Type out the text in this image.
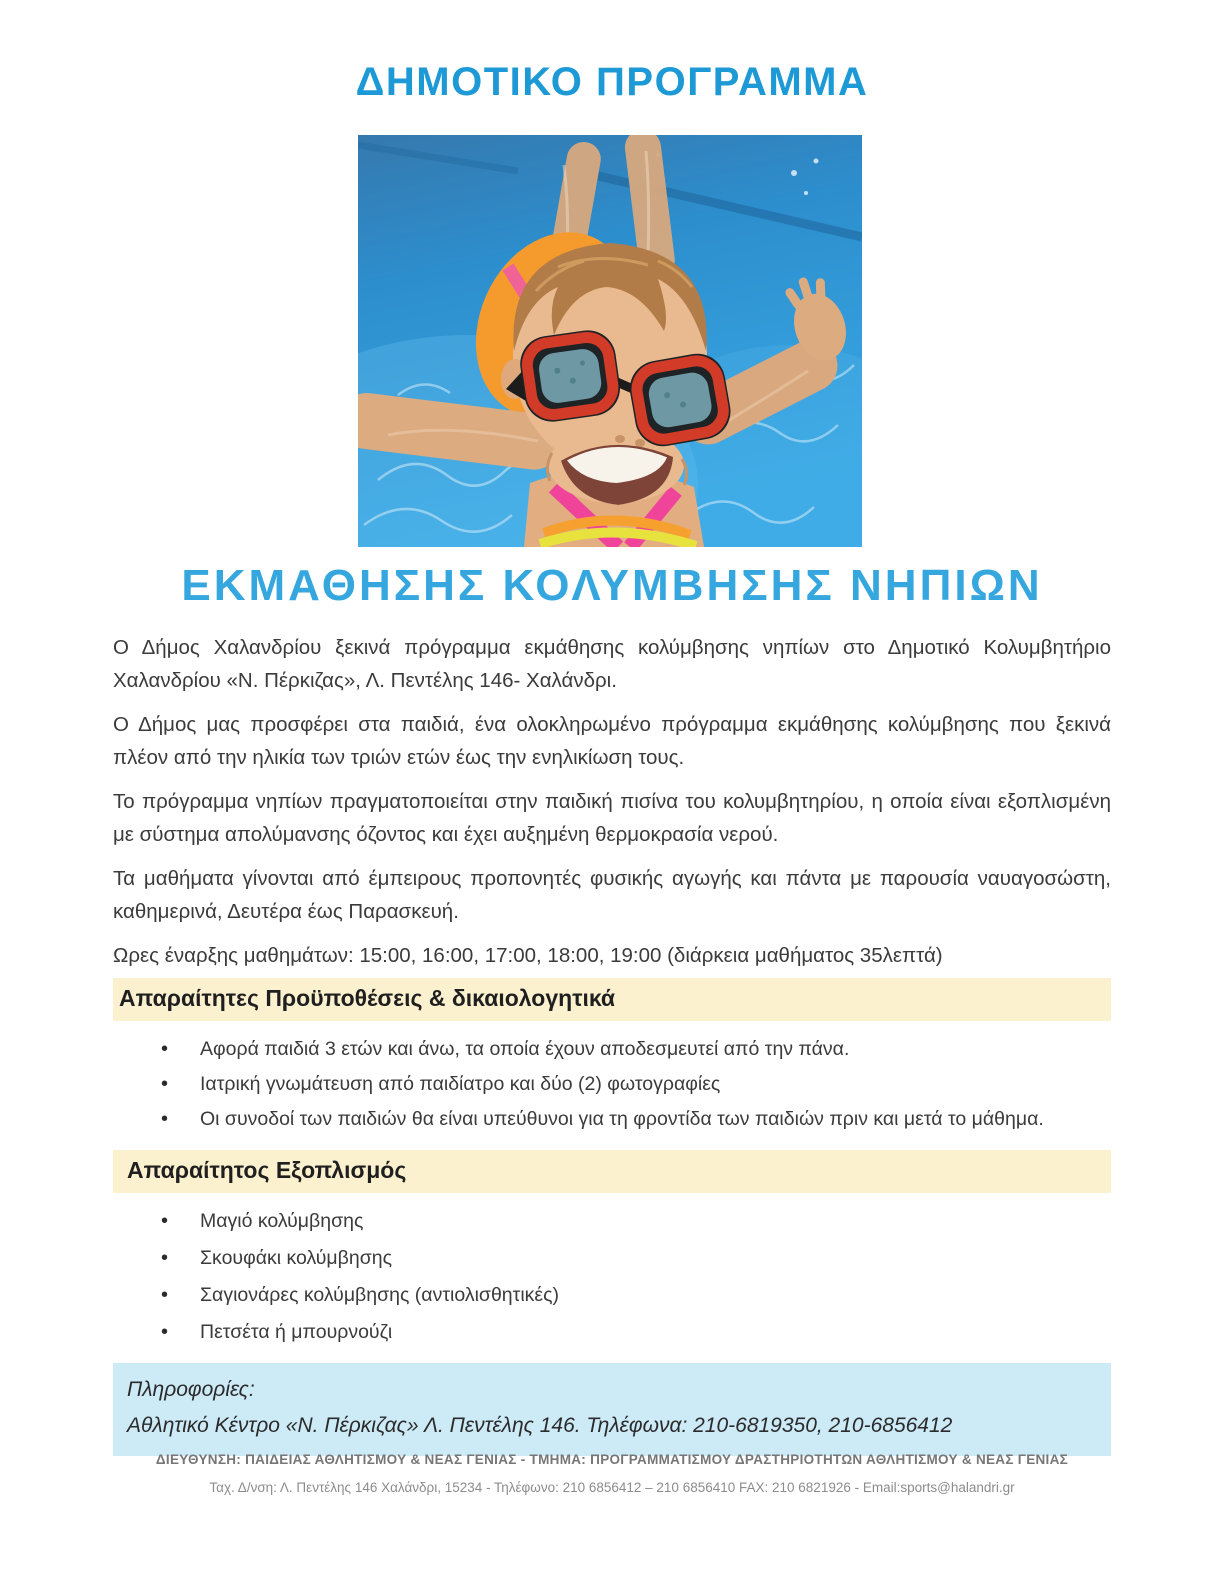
ΔΗΜΟΤΙΚΟ ΠΡΟΓΡΑΜΜΑ
ΕΚΜΑΘΗΣΗΣ ΚΟΛΥΜΒΗΣΗΣ ΝΗΠΙΩΝ

Ο Δήμος Χαλανδρίου ξεκινά πρόγραμμα εκμάθησης κολύμβησης νηπίων στο Δημοτικό Κολυμβητήριο Χαλανδρίου «Ν. Πέρκιζας», Λ. Πεντέλης 146- Χαλάνδρι.

Ο Δήμος μας προσφέρει στα παιδιά, ένα ολοκληρωμένο πρόγραμμα εκμάθησης κολύμβησης που ξεκινά πλέον από την ηλικία των τριών ετών έως την ενηλικίωση τους.

Το πρόγραμμα νηπίων πραγματοποιείται στην παιδική πισίνα του κολυμβητηρίου, η οποία είναι εξοπλισμένη με σύστημα απολύμανσης όζοντος και έχει αυξημένη θερμοκρασία νερού.

Τα μαθήματα γίνονται από έμπειρους προπονητές φυσικής αγωγής και πάντα με παρουσία ναυαγοσώστη, καθημερινά, Δευτέρα έως Παρασκευή.

Ωρες έναρξης μαθημάτων: 15:00, 16:00, 17:00, 18:00, 19:00 (διάρκεια μαθήματος 35λεπτά)

Απαραίτητες Προϋποθέσεις & δικαιολογητικά
• Αφορά παιδιά 3 ετών και άνω, τα οποία έχουν αποδεσμευτεί από την πάνα.
• Ιατρική γνωμάτευση από παιδίατρο και δύο (2) φωτογραφίες
• Οι συνοδοί των παιδιών θα είναι υπεύθυνοι για τη φροντίδα των παιδιών πριν και μετά το μάθημα.
Απαραίτητος Εξοπλισμός
• Μαγιό κολύμβησης
• Σκουφάκι κολύμβησης
• Σαγιονάρες κολύμβησης (αντιολισθητικές)
• Πετσέτα ή μπουρνούζι

Πληροφορίες:

Αθλητικό Κέντρο «Ν. Πέρκιζας» Λ. Πεντέλης 146. Τηλέφωνα: 210-6819350, 210-6856412

ΔΙΕΥΘΥΝΣΗ: ΠΑΙΔΕΙΑΣ ΑΘΛΗΤΙΣΜΟΥ & ΝΕΑΣ ΓΕΝΙΑΣ - ΤΜΗΜΑ: ΠΡΟΓΡΑΜΜΑΤΙΣΜΟΥ ΔΡΑΣΤΗΡΙΟΤΗΤΩΝ ΑΘΛΗΤΙΣΜΟΥ & ΝΕΑΣ ΓΕΝΙΑΣ

Ταχ. Δ/νση: Λ. Πεντέλης 146 Χαλάνδρι, 15234 - Τηλέφωνο: 210 6856412 – 210 6856410 FAX: 210 6821926 - Email:sports@halandri.gr
